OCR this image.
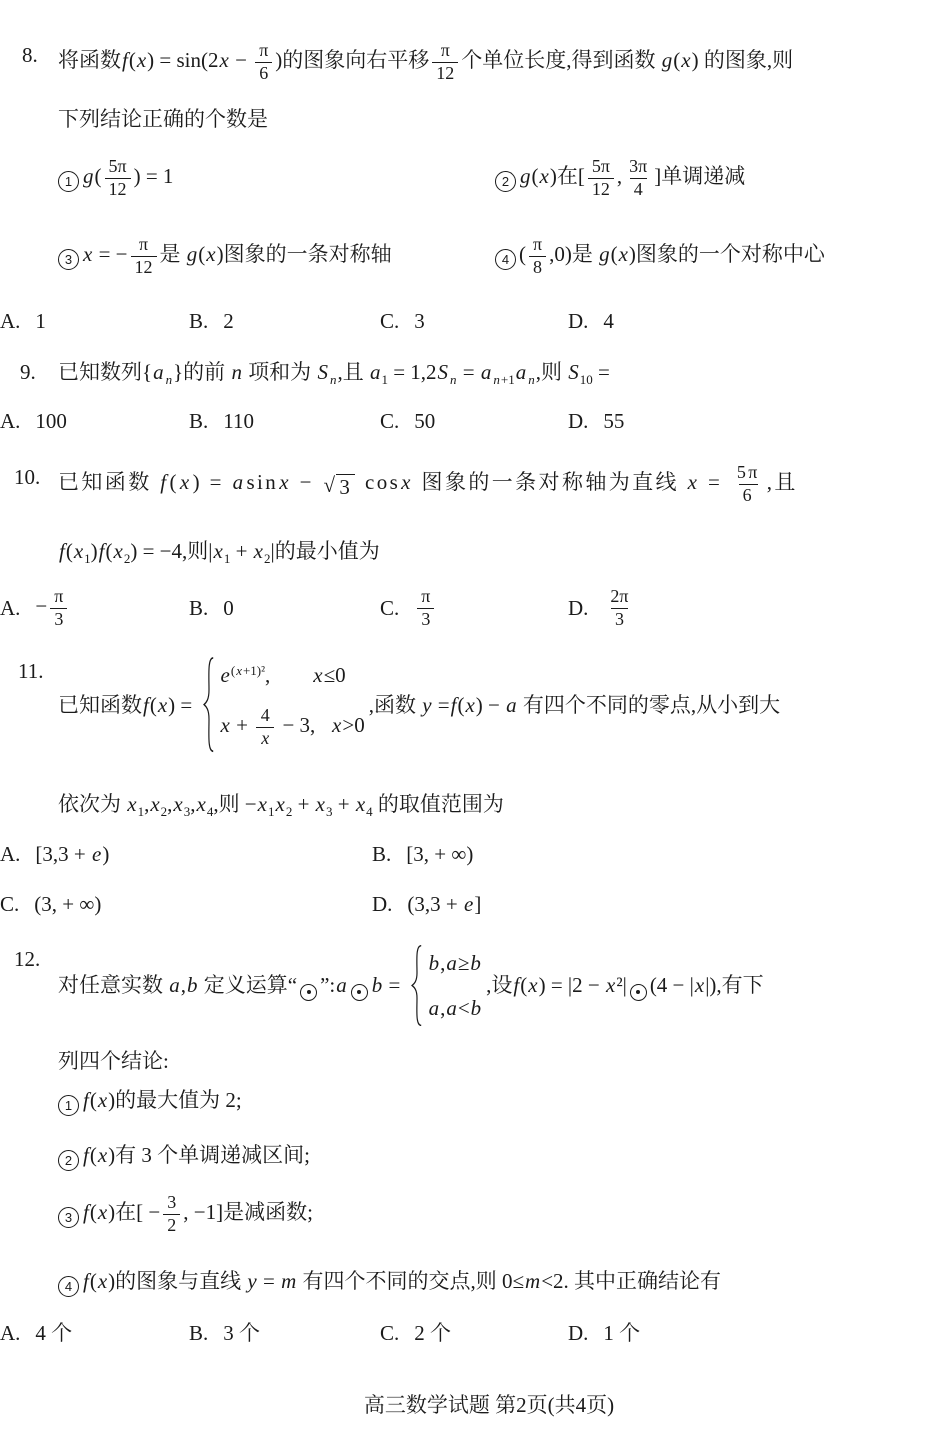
8. 将函数$f(x) = \sin(2x - \frac{\pi}{6}$ )的图象向右平移 $\frac{\pi}{12}$ 个单位长度,得到函数 g(x) 的图象,则
下列结论正确的个数是
1 $g( \frac{5\pi}{12}$ ) = 1	2 g(x)在[ $\frac{5\pi}{12}$ , $\frac{3\pi}{4}$ ]单调递减
3 x = − $\frac{\pi}{12}$ 是 g(x)图象的一条对称轴	4 ( $\frac{\pi}{8} ,0$)是 g(x)图象的一个对称中心
A. 1	B. 2	C. 3	D. 4
9. 已知数列{a $_n$}的前 n 项和为 S $_n$,且 $a_1 = 1,2S$ $_n$ = a $_{n+1}$a $_n$,则 $S_{10}$ =
A. 100	B. 110	C. 50	D. 55
10. 已知函数 f(x) = asinx − √ 3 cosx 图象的一条对称轴为直线 $x = \frac{5\pi}{6}$ ,且
$f(x_1)f(x_2) = -4$,则$|x_1 + x_2|$的最小值为
A. − $\frac{\pi}{3}$	B. 0	C. $\frac{\pi}{3}$	D. $\frac{2\pi}{3}$
11.
已知函数f(x) =
$e^{(x+1)^2}$,        x≤0
$x + \frac{4}{x} - 3$,   x>0
,函数 y =f(x) − a 有四个不同的零点,从小到大
依次为 $x_1,x_2,x_3,x_4$,则 $-x_1x_2 + x_3 + x_4$ 的取值范围为
A. [3,3 + e)	B. [3, + ∞)
C. (3, + ∞)	D. (3,3 + e]
12.
对任意实数 a,b 定义运算“ ”:a b =
b,a≥b
a,a<b
,设f(x) = |2 − x²| (4 − |x|),有下
列四个结论:
1 f(x)的最大值为 2;
2 f(x)有 3 个单调递减区间;
3 f(x)在[ − $\frac{3}{2}$ , −1]是减函数;
4 f(x)的图象与直线 y = m 有四个不同的交点,则 0≤m<2. 其中正确结论有
A. 4 个	B. 3 个	C. 2 个	D. 1 个
高三数学试题 第2页(共4页)
